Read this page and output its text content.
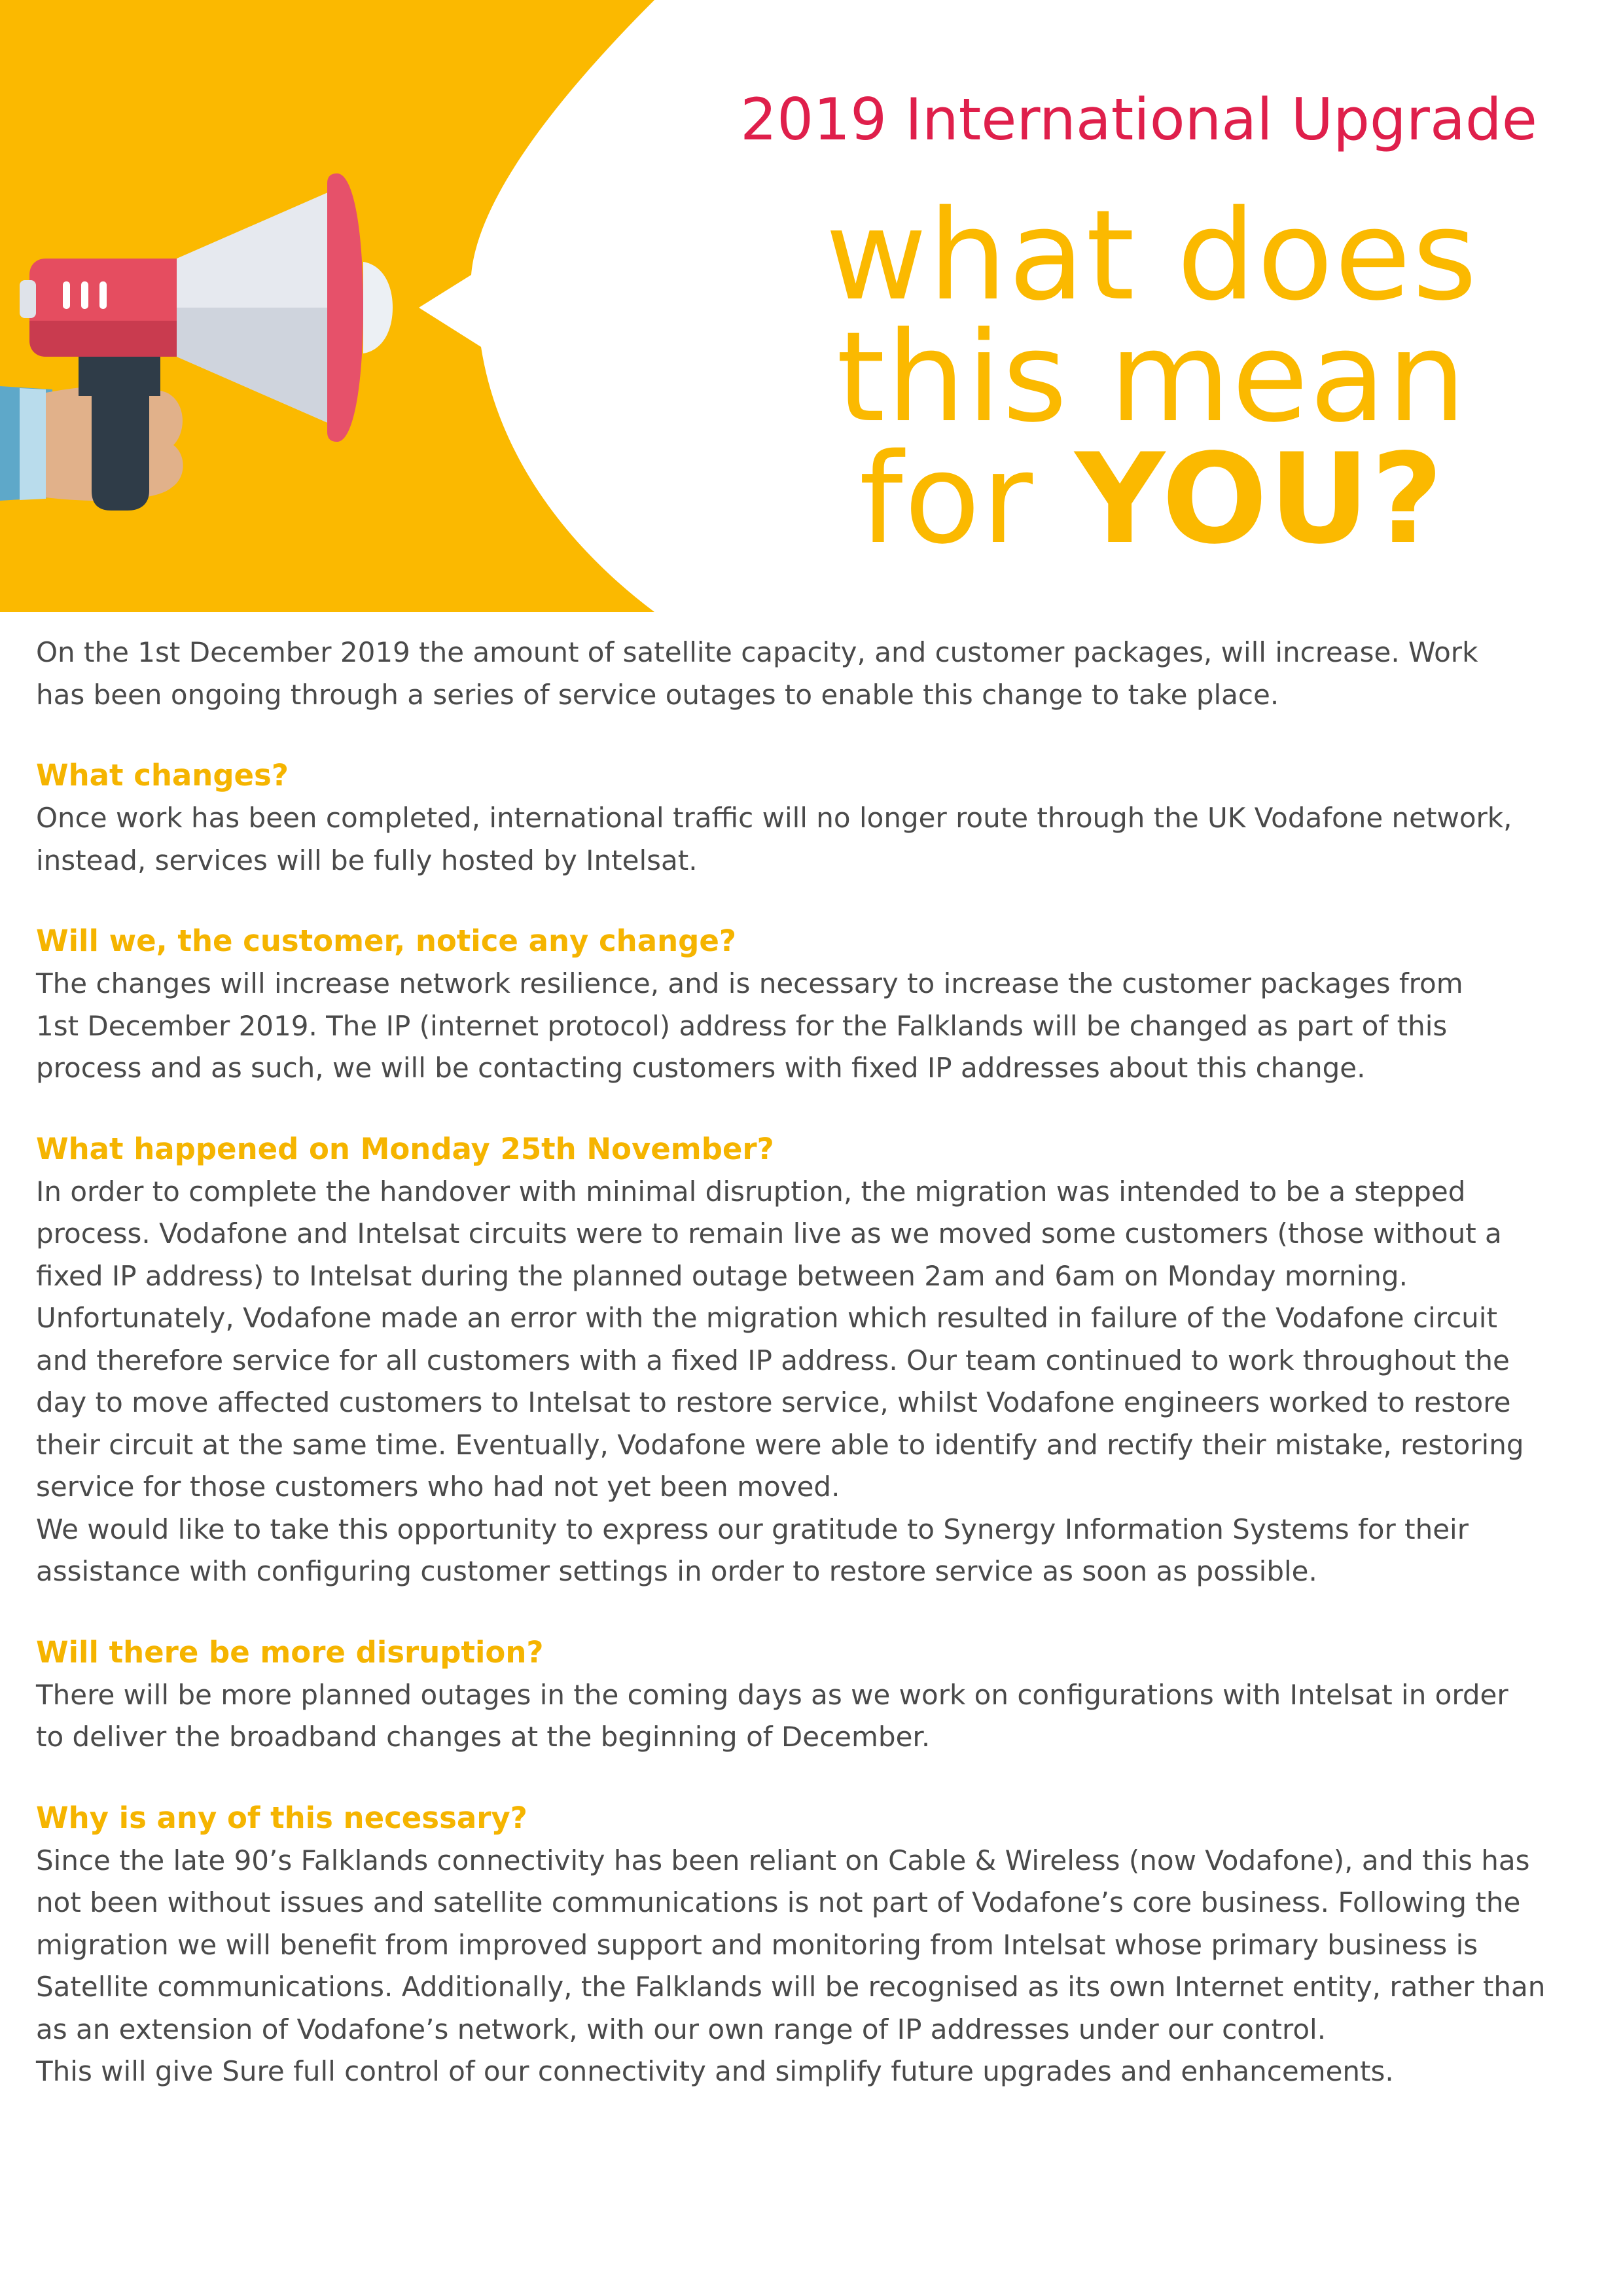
2019 International Upgrade
what does
this mean
for YOU?

On the 1st December 2019 the amount of satellite capacity, and customer packages, will increase. Work
has been ongoing through a series of service outages to enable this change to take place.

What changes?

Once work has been completed, international traffic will no longer route through the UK Vodafone network,
instead, services will be fully hosted by Intelsat.

Will we, the customer, notice any change?

The changes will increase network resilience, and is necessary to increase the customer packages from
1st December 2019. The IP (internet protocol) address for the Falklands will be changed as part of this
process and as such, we will be contacting customers with fixed IP addresses about this change.

What happened on Monday 25th November?

In order to complete the handover with minimal disruption, the migration was intended to be a stepped
process. Vodafone and Intelsat circuits were to remain live as we moved some customers (those without a
fixed IP address) to Intelsat during the planned outage between 2am and 6am on Monday morning.
Unfortunately, Vodafone made an error with the migration which resulted in failure of the Vodafone circuit
and therefore service for all customers with a fixed IP address. Our team continued to work throughout the
day to move affected customers to Intelsat to restore service, whilst Vodafone engineers worked to restore
their circuit at the same time. Eventually, Vodafone were able to identify and rectify their mistake, restoring
service for those customers who had not yet been moved.
We would like to take this opportunity to express our gratitude to Synergy Information Systems for their
assistance with configuring customer settings in order to restore service as soon as possible.

Will there be more disruption?

There will be more planned outages in the coming days as we work on configurations with Intelsat in order
to deliver the broadband changes at the beginning of December.

Why is any of this necessary?

Since the late 90’s Falklands connectivity has been reliant on Cable & Wireless (now Vodafone), and this has
not been without issues and satellite communications is not part of Vodafone’s core business. Following the
migration we will benefit from improved support and monitoring from Intelsat whose primary business is
Satellite communications. Additionally, the Falklands will be recognised as its own Internet entity, rather than
as an extension of Vodafone’s network, with our own range of IP addresses under our control.
This will give Sure full control of our connectivity and simplify future upgrades and enhancements.
